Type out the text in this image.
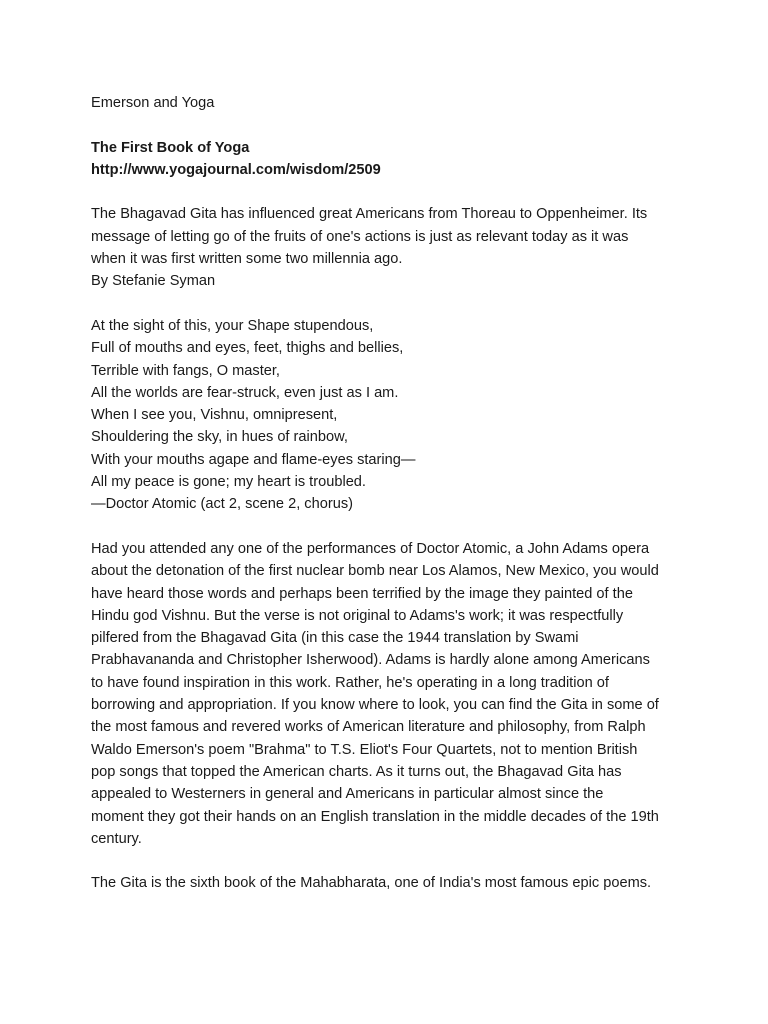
Emerson and Yoga
The First Book of Yoga
http://www.yogajournal.com/wisdom/2509
The Bhagavad Gita has influenced great Americans from Thoreau to Oppenheimer. Its
message of letting go of the fruits of one's actions is just as relevant today as it was
when it was first written some two millennia ago.
By Stefanie Syman
At the sight of this, your Shape stupendous,
Full of mouths and eyes, feet, thighs and bellies,
Terrible with fangs, O master,
All the worlds are fear-struck, even just as I am.
When I see you, Vishnu, omnipresent,
Shouldering the sky, in hues of rainbow,
With your mouths agape and flame-eyes staring—
All my peace is gone; my heart is troubled.
—Doctor Atomic (act 2, scene 2, chorus)
Had you attended any one of the performances of Doctor Atomic, a John Adams opera
about the detonation of the first nuclear bomb near Los Alamos, New Mexico, you would
have heard those words and perhaps been terrified by the image they painted of the
Hindu god Vishnu. But the verse is not original to Adams's work; it was respectfully
pilfered from the Bhagavad Gita (in this case the 1944 translation by Swami
Prabhavananda and Christopher Isherwood). Adams is hardly alone among Americans
to have found inspiration in this work. Rather, he's operating in a long tradition of
borrowing and appropriation. If you know where to look, you can find the Gita in some of
the most famous and revered works of American literature and philosophy, from Ralph
Waldo Emerson's poem "Brahma" to T.S. Eliot's Four Quartets, not to mention British
pop songs that topped the American charts. As it turns out, the Bhagavad Gita has
appealed to Westerners in general and Americans in particular almost since the
moment they got their hands on an English translation in the middle decades of the 19th
century.
The Gita is the sixth book of the Mahabharata, one of India's most famous epic poems.
